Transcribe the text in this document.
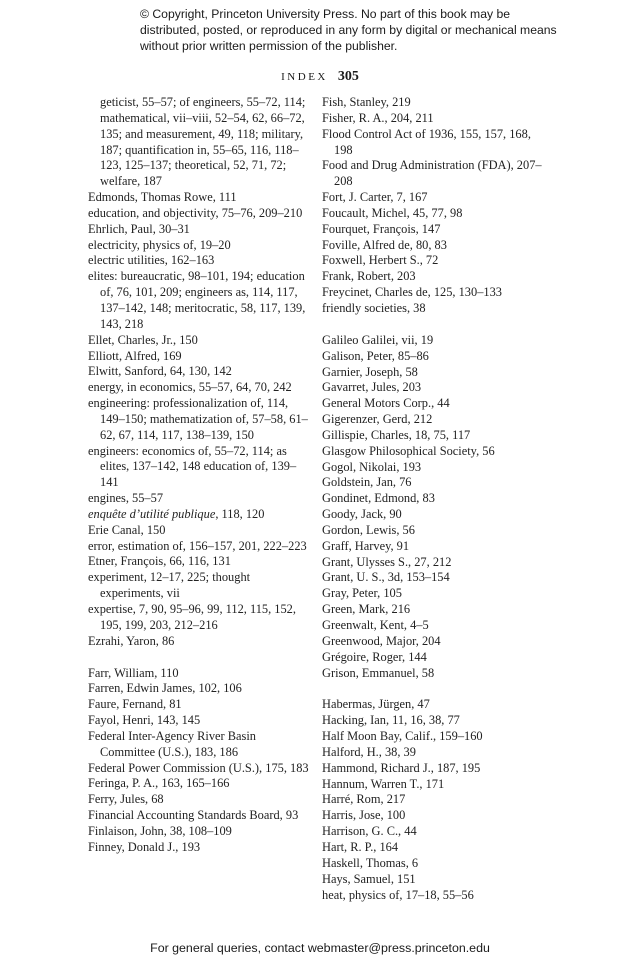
© Copyright, Princeton University Press. No part of this book may be distributed, posted, or reproduced in any form by digital or mechanical means without prior written permission of the publisher.
INDEX 305
geticist, 55–57; of engineers, 55–72, 114; mathematical, vii–viii, 52–54, 62, 66–72, 135; and measurement, 49, 118; military, 187; quantification in, 55–65, 116, 118–123, 125–137; theoretical, 52, 71, 72; welfare, 187
Edmonds, Thomas Rowe, 111
education, and objectivity, 75–76, 209–210
Ehrlich, Paul, 30–31
electricity, physics of, 19–20
electric utilities, 162–163
elites: bureaucratic, 98–101, 194; education of, 76, 101, 209; engineers as, 114, 117, 137–142, 148; meritocratic, 58, 117, 139, 143, 218
Ellet, Charles, Jr., 150
Elliott, Alfred, 169
Elwitt, Sanford, 64, 130, 142
energy, in economics, 55–57, 64, 70, 242
engineering: professionalization of, 114, 149–150; mathematization of, 57–58, 61–62, 67, 114, 117, 138–139, 150
engineers: economics of, 55–72, 114; as elites, 137–142, 148 education of, 139–141
engines, 55–57
enquête d’utilité publique, 118, 120
Erie Canal, 150
error, estimation of, 156–157, 201, 222–223
Etner, François, 66, 116, 131
experiment, 12–17, 225; thought experiments, vii
expertise, 7, 90, 95–96, 99, 112, 115, 152, 195, 199, 203, 212–216
Ezrahi, Yaron, 86
Farr, William, 110
Farren, Edwin James, 102, 106
Faure, Fernand, 81
Fayol, Henri, 143, 145
Federal Inter-Agency River Basin Committee (U.S.), 183, 186
Federal Power Commission (U.S.), 175, 183
Feringa, P. A., 163, 165–166
Ferry, Jules, 68
Financial Accounting Standards Board, 93
Finlaison, John, 38, 108–109
Finney, Donald J., 193
Fish, Stanley, 219
Fisher, R. A., 204, 211
Flood Control Act of 1936, 155, 157, 168, 198
Food and Drug Administration (FDA), 207–208
Fort, J. Carter, 7, 167
Foucault, Michel, 45, 77, 98
Fourquet, François, 147
Foville, Alfred de, 80, 83
Foxwell, Herbert S., 72
Frank, Robert, 203
Freycinet, Charles de, 125, 130–133
friendly societies, 38
Galileo Galilei, vii, 19
Galison, Peter, 85–86
Garnier, Joseph, 58
Gavarret, Jules, 203
General Motors Corp., 44
Gigerenzer, Gerd, 212
Gillispie, Charles, 18, 75, 117
Glasgow Philosophical Society, 56
Gogol, Nikolai, 193
Goldstein, Jan, 76
Gondinet, Edmond, 83
Goody, Jack, 90
Gordon, Lewis, 56
Graff, Harvey, 91
Grant, Ulysses S., 27, 212
Grant, U. S., 3d, 153–154
Gray, Peter, 105
Green, Mark, 216
Greenwalt, Kent, 4–5
Greenwood, Major, 204
Grégoire, Roger, 144
Grison, Emmanuel, 58
Habermas, Jürgen, 47
Hacking, Ian, 11, 16, 38, 77
Half Moon Bay, Calif., 159–160
Halford, H., 38, 39
Hammond, Richard J., 187, 195
Hannum, Warren T., 171
Harré, Rom, 217
Harris, Jose, 100
Harrison, G. C., 44
Hart, R. P., 164
Haskell, Thomas, 6
Hays, Samuel, 151
heat, physics of, 17–18, 55–56
For general queries, contact webmaster@press.princeton.edu
